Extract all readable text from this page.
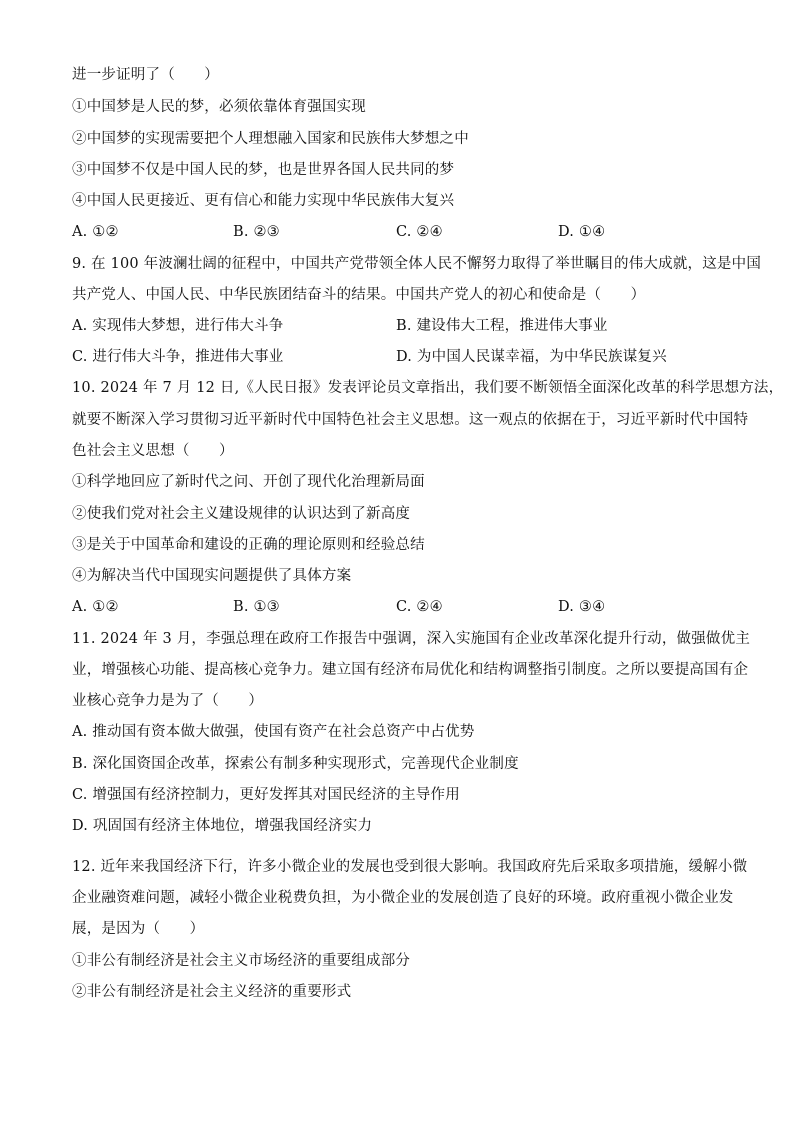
进一步证明了（　　）
①中国梦是人民的梦，必须依靠体育强国实现
②中国梦的实现需要把个人理想融入国家和民族伟大梦想之中
③中国梦不仅是中国人民的梦，也是世界各国人民共同的梦
④中国人民更接近、更有信心和能力实现中华民族伟大复兴
A. ①②	B. ②③	C. ②④	D. ①④
9. 在 100 年波澜壮阔的征程中，中国共产党带领全体人民不懈努力取得了举世瞩目的伟大成就，这是中国
共产党人、中国人民、中华民族团结奋斗的结果。中国共产党人的初心和使命是（　　）
A. 实现伟大梦想，进行伟大斗争	B. 建设伟大工程，推进伟大事业
C. 进行伟大斗争，推进伟大事业	D. 为中国人民谋幸福，为中华民族谋复兴
10. 2024 年 7 月 12 日,《人民日报》发表评论员文章指出，我们要不断领悟全面深化改革的科学思想方法，
就要不断深入学习贯彻习近平新时代中国特色社会主义思想。这一观点的依据在于，习近平新时代中国特
色社会主义思想（　　）
①科学地回应了新时代之问、开创了现代化治理新局面
②使我们党对社会主义建设规律的认识达到了新高度
③是关于中国革命和建设的正确的理论原则和经验总结
④为解决当代中国现实问题提供了具体方案
A. ①②	B. ①③	C. ②④	D. ③④
11. 2024 年 3 月，李强总理在政府工作报告中强调，深入实施国有企业改革深化提升行动，做强做优主
业，增强核心功能、提高核心竞争力。建立国有经济布局优化和结构调整指引制度。之所以要提高国有企
业核心竞争力是为了（　　）
A. 推动国有资本做大做强，使国有资产在社会总资产中占优势
B. 深化国资国企改革，探索公有制多种实现形式，完善现代企业制度
C. 增强国有经济控制力，更好发挥其对国民经济的主导作用
D. 巩固国有经济主体地位，增强我国经济实力
12. 近年来我国经济下行，许多小微企业的发展也受到很大影响。我国政府先后采取多项措施，缓解小微
企业融资难问题，减轻小微企业税费负担，为小微企业的发展创造了良好的环境。政府重视小微企业发
展，是因为（　　）
①非公有制经济是社会主义市场经济的重要组成部分
②非公有制经济是社会主义经济的重要形式
